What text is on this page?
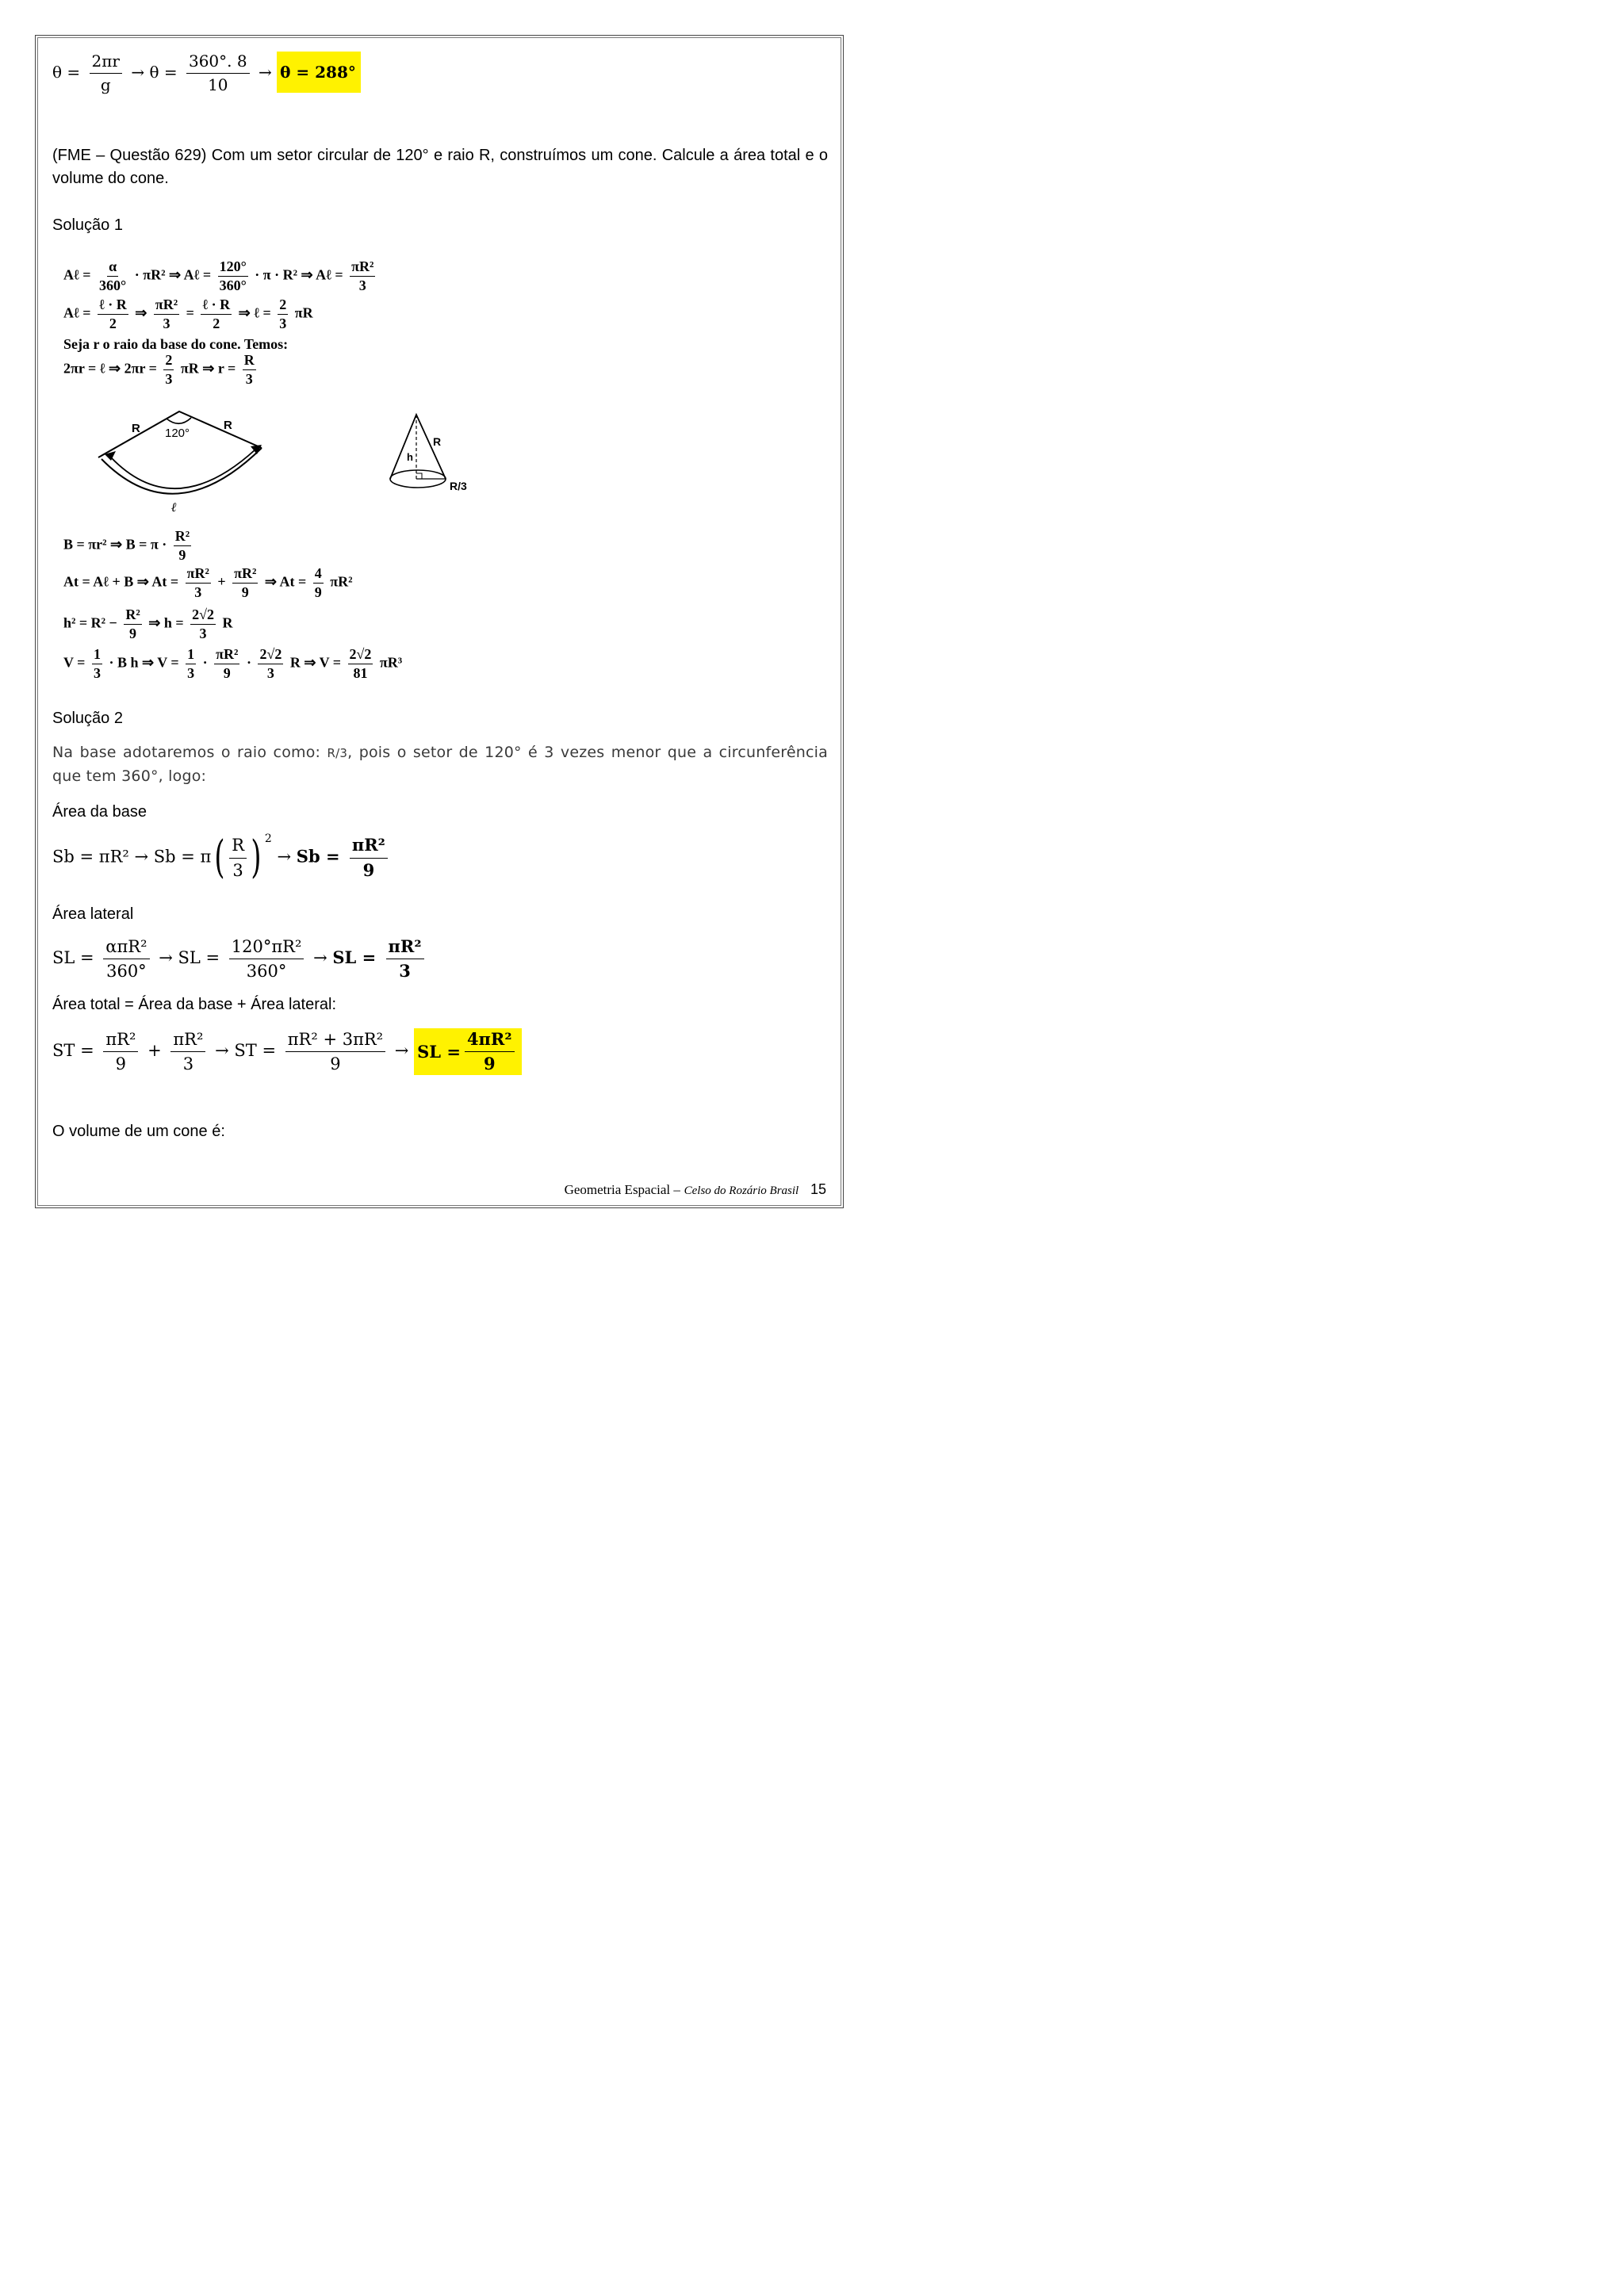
$\theta = \frac{2\pi r}{g} \to \theta = \frac{360^\circ. 8}{10} \to \theta = 288^\circ$
(FME – Questão 629) Com um setor circular de 120° e raio R, construímos um cone. Calcule a área total e o volume do cone.
Solução 1
Aℓ = $\frac{\alpha}{360^\circ} \cdot \pi R^2$ ⇒ Aℓ = $\frac{120^\circ}{360^\circ} \cdot \pi \cdot R^2$ ⇒ Aℓ = $\frac{\text{πR²}}{3}$
Aℓ = $\frac{\text{ℓ · R}}{2}$ ⇒ $\frac{\text{πR²}}{3} = \frac{\text{ℓ · R}}{2}$ ⇒ ℓ = $\frac{2}{3}$ πR
Seja r o raio da base do cone. Temos:
2πr = ℓ ⇒ $2\pi r = \frac{2}{3}$ πR ⇒ $r = \frac{R}{3}$
R	R
120°
ℓ
h
R
R/3
B = πr² ⇒ $B = \pi \cdot \frac{\text{R²}}{9}$
At = Aℓ + B ⇒ $At = \frac{\text{πR²}}{3} + \frac{\text{πR²}}{9}$ ⇒ $At = \frac{4}{9} \pi R^2$
$h^2 = R^2 - \frac{\text{R²}}{9}$ ⇒ $h = \frac{2√2}{3}$ R
$V = \frac{1}{3} \cdot B$ h ⇒ $V = \frac{1}{3} \cdot \frac{\text{πR²}}{9} \cdot \frac{2√2}{3}$ R ⇒ $V = \frac{2√2}{81} \pi R^3$
Solução 2
Na base adotaremos o raio como: R/3, pois o setor de 120° é 3 vezes menor que a circunferência que tem 360°, logo:
Área da base
$Sb = \pi R^2 \to Sb = \pi( \frac{R}{3}$ ) $^2 \to Sb = \frac{\text{πR²}}{9}$
Área lateral
SL = $\frac{\text{απR²}}{360^\circ}$ → SL = $\frac{\text{120°πR²}}{360^\circ}$ → SL = $\frac{\text{πR²}}{3}$
Área total = Área da base + Área lateral:
ST = $\frac{\text{πR²}}{9} + \frac{\text{πR²}}{3}$ → ST = $\frac{\text{πR² + 3πR²}}{9}$ → SL = $\frac{\text{4πR²}}{9}$
O volume de um cone é:
Geometria Espacial – Celso do Rozário Brasil 15
